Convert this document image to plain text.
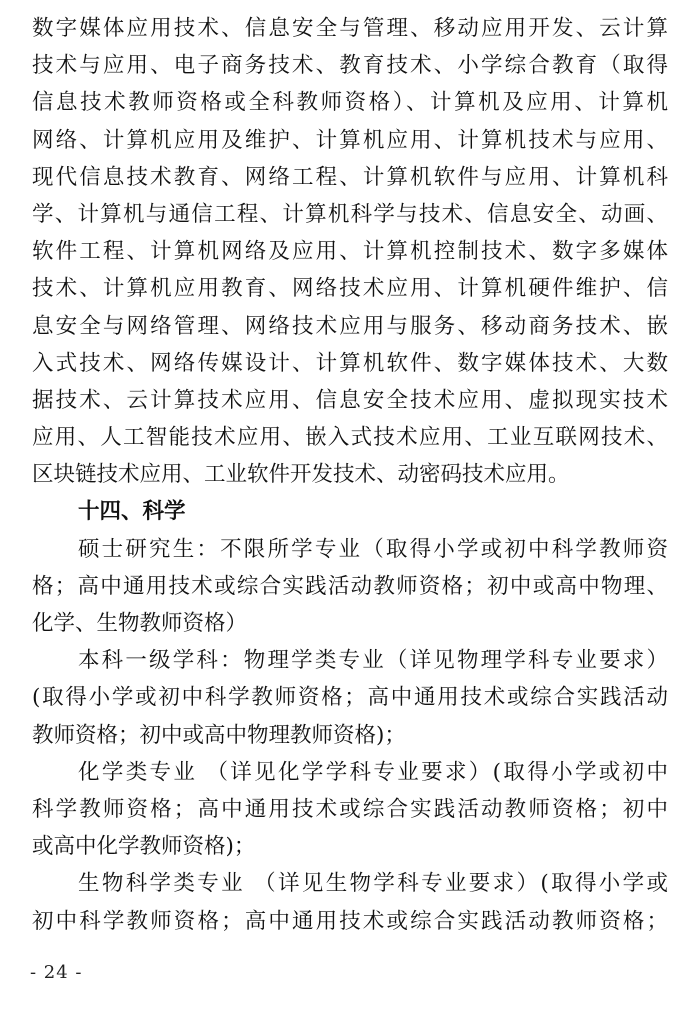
数字媒体应用技术、信息安全与管理、移动应用开发、云计算
技术与应用、电子商务技术、教育技术、小学综合教育（取得
信息技术教师资格或全科教师资格）、计算机及应用、计算机
网络、计算机应用及维护、计算机应用、计算机技术与应用、
现代信息技术教育、网络工程、计算机软件与应用、计算机科
学、计算机与通信工程、计算机科学与技术、信息安全、动画、
软件工程、计算机网络及应用、计算机控制技术、数字多媒体
技术、计算机应用教育、网络技术应用、计算机硬件维护、信
息安全与网络管理、网络技术应用与服务、移动商务技术、嵌
入式技术、网络传媒设计、计算机软件、数字媒体技术、大数
据技术、云计算技术应用、信息安全技术应用、虚拟现实技术
应用、人工智能技术应用、嵌入式技术应用、工业互联网技术、
区块链技术应用、工业软件开发技术、动密码技术应用。
十四、科学
硕士研究生：不限所学专业（取得小学或初中科学教师资
格；高中通用技术或综合实践活动教师资格；初中或高中物理、
化学、生物教师资格）
本科一级学科：物理学类专业（详见物理学科专业要求）
(取得小学或初中科学教师资格；高中通用技术或综合实践活动
教师资格；初中或高中物理教师资格)；
化学类专业 （详见化学学科专业要求）(取得小学或初中
科学教师资格；高中通用技术或综合实践活动教师资格；初中
或高中化学教师资格)；
生物科学类专业 （详见生物学科专业要求）(取得小学或
初中科学教师资格；高中通用技术或综合实践活动教师资格；
- 24 -
